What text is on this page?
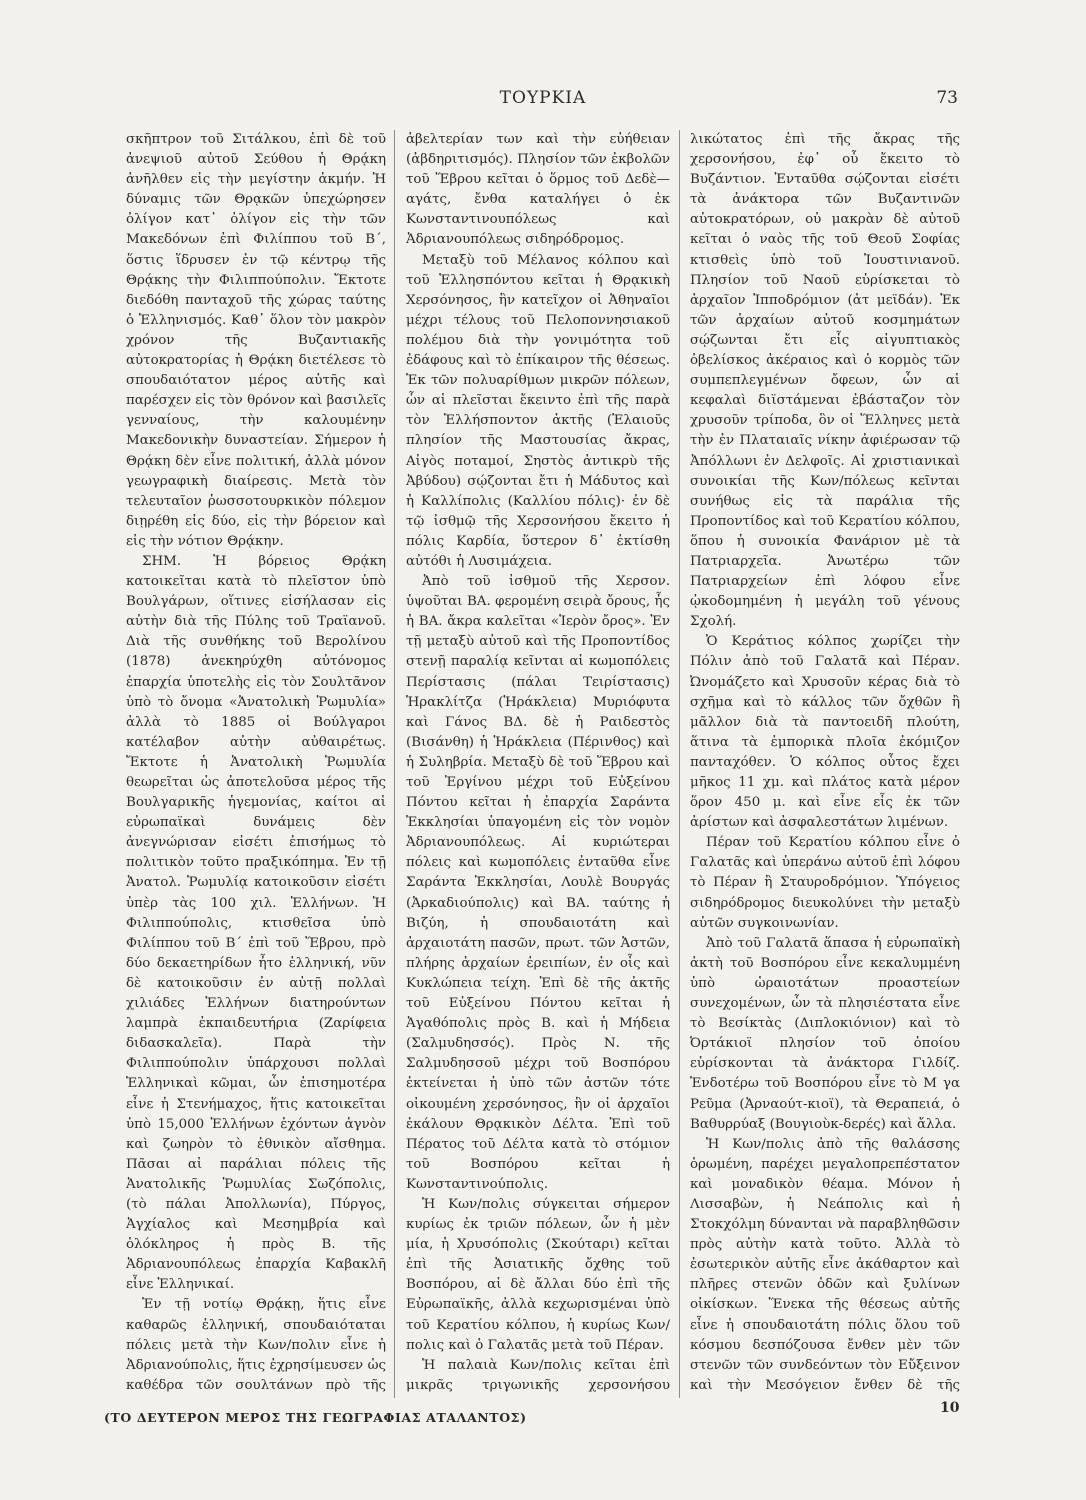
ΤΟΥΡΚΙΑ	73

σκῆπτρον τοῦ Σιτάλκου, ἐπὶ δὲ τοῦ ἀνεψιοῦ αὐτοῦ Σεύθου ἡ Θρᾴκη ἀνῆλθεν εἰς τὴν μεγίστην ἀκμήν. Ἡ δύναμις τῶν Θρᾳκῶν ὑπεχώρησεν ὀλίγον κατ᾽ ὀλίγον εἰς τὴν τῶν Μακεδόνων ἐπὶ Φιλίππου τοῦ Β΄, ὅστις ἵδρυσεν ἐν τῷ κέντρῳ τῆς Θρᾴκης τὴν Φιλιππούπολιν. Ἔκτοτε διεδόθη πανταχοῦ τῆς χώρας ταύτης ὁ Ἑλληνισμός. Καθ᾽ ὅλον τὸν μακρὸν χρόνον τῆς Βυζαντιακῆς αὐτοκρατορίας ἡ Θρᾴκη διετέλεσε τὸ σπουδαιότατον μέρος αὐτῆς καὶ παρέσχεν εἰς τὸν θρόνον καὶ βασιλεῖς γενναίους, τὴν καλουμένην Μακεδονικὴν δυναστείαν. Σήμερον ἡ Θρᾴκη δὲν εἶνε πολιτική, ἀλλὰ μόνον γεωγραφικὴ διαίρεσις. Μετὰ τὸν τελευταῖον ῥωσσοτουρκικὸν πόλεμον διῃρέθη εἰς δύο, εἰς τὴν βόρειον καὶ εἰς τὴν νότιον Θρᾴκην.

ΣΗΜ. Ἡ βόρειος Θρᾴκη κατοικεῖται κατὰ τὸ πλεῖστον ὑπὸ Βουλγάρων, οἵτινες εἰσήλασαν εἰς αὐτὴν διὰ τῆς Πύλης τοῦ Τραϊανοῦ. Διὰ τῆς συνθήκης τοῦ Βερολίνου (1878) ἀνεκηρύχθη αὐτόνομος ἐπαρχία ὑποτελὴς εἰς τὸν Σουλτᾶνον ὑπὸ τὸ ὄνομα «Ἀνατολικὴ Ῥωμυλία» ἀλλὰ τὸ 1885 οἱ Βούλγαροι κατέλαβον αὐτὴν αὐθαιρέτως. Ἔκτοτε ἡ Ἀνατολικὴ Ῥωμυλία θεωρεῖται ὡς ἀποτελοῦσα μέρος τῆς Βουλγαρικῆς ἡγεμονίας, καίτοι αἱ εὐρωπαϊκαὶ δυνάμεις δὲν ἀνεγνώρισαν εἰσέτι ἐπισήμως τὸ πολιτικὸν τοῦτο πραξικόπημα. Ἐν τῇ Ἀνατολ. Ῥωμυλίᾳ κατοικοῦσιν εἰσέτι ὑπὲρ τὰς 100 χιλ. Ἑλλήνων. Ἡ Φιλιππούπολις, κτισθεῖσα ὑπὸ Φιλίππου τοῦ Β΄ ἐπὶ τοῦ Ἕβρου, πρὸ δύο δεκαετηρίδων ἦτο ἑλληνική, νῦν δὲ κατοικοῦσιν ἐν αὐτῇ πολλαὶ χιλιάδες Ἑλλήνων διατηρούντων λαμπρὰ ἐκπαιδευτήρια (Ζαρίφεια διδασκαλεῖα). Παρὰ τὴν Φιλιππούπολιν ὑπάρχουσι πολλαὶ Ἑλληνικαὶ κῶμαι, ὧν ἐπισημοτέρα εἶνε ἡ Στενήμαχος, ἥτις κατοικεῖται ὑπὸ 15,000 Ἑλλήνων ἐχόντων ἁγνὸν καὶ ζωηρὸν τὸ ἐθνικὸν αἴσθημα. Πᾶσαι αἱ παράλιαι πόλεις τῆς Ἀνατολικῆς Ῥωμυλίας Σωζόπολις, (τὸ πάλαι Ἀπολλωνία), Πύργος, Ἀγχίαλος καὶ Μεσημβρία καὶ ὁλόκληρος ἡ πρὸς Β. τῆς Ἀδριανουπόλεως ἐπαρχία Καβακλῆ εἶνε Ἑλληνικαί.

Ἐν τῇ νοτίῳ Θρᾴκῃ, ἥτις εἶνε καθαρῶς ἑλληνική, σπουδαιόταται πόλεις μετὰ τὴν Κων/πολιν εἶνε ἡ Ἀδριανούπολις, ἥτις ἐχρησίμευσεν ὡς καθέδρα τῶν σουλτάνων πρὸ τῆς

ἀβελτερίαν των καὶ τὴν εὐήθειαν (ἀβδηριτισμός). Πλησίον τῶν ἐκβολῶν τοῦ Ἕβρου κεῖται ὁ ὅρμος τοῦ Δεδὲ—αγάτς, ἔνθα καταλήγει ὁ ἐκ Κωνσταντινουπόλεως καὶ Ἀδριανουπόλεως σιδηρόδρομος.

Μεταξὺ τοῦ Μέλανος κόλπου καὶ τοῦ Ἑλλησπόντου κεῖται ἡ Θρᾳκικὴ Χερσόνησος, ἣν κατεῖχον οἱ Ἀθηναῖοι μέχρι τέλους τοῦ Πελοποννησιακοῦ πολέμου διὰ τὴν γονιμότητα τοῦ ἐδάφους καὶ τὸ ἐπίκαιρον τῆς θέσεως. Ἐκ τῶν πολυαρίθμων μικρῶν πόλεων, ὧν αἱ πλεῖσται ἔκειντο ἐπὶ τῆς παρὰ τὸν Ἑλλήσποντον ἀκτῆς (Ἐλαιοῦς πλησίον τῆς Μαστουσίας ἄκρας, Αἰγὸς ποταμοί, Σηστὸς ἀντικρὺ τῆς Ἀβύδου) σῴζονται ἔτι ἡ Μάδυτος καὶ ἡ Καλλίπολις (Καλλίου πόλις)· ἐν δὲ τῷ ἰσθμῷ τῆς Χερσονήσου ἔκειτο ἡ πόλις Καρδία, ὕστερον δ᾽ ἐκτίσθη αὐτόθι ἡ Λυσιμάχεια.

Ἀπὸ τοῦ ἰσθμοῦ τῆς Χερσον. ὑψοῦται ΒΑ. φερομένη σειρὰ ὄρους, ἧς ἡ ΒΑ. ἄκρα καλεῖται «Ἱερὸν ὄρος». Ἐν τῇ μεταξὺ αὐτοῦ καὶ τῆς Προποντίδος στενῇ παραλίᾳ κεῖνται αἱ κωμοπόλεις Περίστασις (πάλαι Τειρίστασις) Ἡρακλίτζα (Ἡράκλεια) Μυριόφυτα καὶ Γάνος ΒΔ. δὲ ἡ Ραιδεστὸς (Βισάνθη) ἡ Ἡράκλεια (Πέρινθος) καὶ ἡ Συληβρία. Μεταξὺ δὲ τοῦ Ἕβρου καὶ τοῦ Ἐργίνου μέχρι τοῦ Εὐξείνου Πόντου κεῖται ἡ ἐπαρχία Σαράντα Ἐκκλησίαι ὑπαγομένη εἰς τὸν νομὸν Ἀδριανουπόλεως. Αἱ κυριώτεραι πόλεις καὶ κωμοπόλεις ἐνταῦθα εἶνε Σαράντα Ἐκκλησίαι, Λουλὲ Βουργάς (Ἀρκαδιούπολις) καὶ ΒΑ. ταύτης ἡ Βιζύη, ἡ σπουδαιοτάτη καὶ ἀρχαιοτάτη πασῶν, πρωτ. τῶν Ἀστῶν, πλήρης ἀρχαίων ἐρειπίων, ἐν οἷς καὶ Κυκλώπεια τείχη. Ἐπὶ δὲ τῆς ἀκτῆς τοῦ Εὐξείνου Πόντου κεῖται ἡ Ἀγαθόπολις πρὸς Β. καὶ ἡ Μήδεια (Σαλμυδησσός). Πρὸς Ν. τῆς Σαλμυδησσοῦ μέχρι τοῦ Βοσπόρου ἐκτείνεται ἡ ὑπὸ τῶν ἀστῶν τότε οἰκουμένη χερσόνησος, ἣν οἱ ἀρχαῖοι ἐκάλουν Θρᾳκικὸν Δέλτα. Ἐπὶ τοῦ Πέρατος τοῦ Δέλτα κατὰ τὸ στόμιον τοῦ Βοσπόρου κεῖται ἡ Κωνσταντινούπολις.

Ἡ Κων/πολις σύγκειται σήμερον κυρίως ἐκ τριῶν πόλεων, ὧν ἡ μὲν μία, ἡ Χρυσόπολις (Σκούταρι) κεῖται ἐπὶ τῆς Ἀσιατικῆς ὄχθης τοῦ Βοσπόρου, αἱ δὲ ἄλλαι δύο ἐπὶ τῆς Εὐρωπαϊκῆς, ἀλλὰ κεχωρισμέναι ὑπὸ τοῦ Κερατίου κόλπου, ἡ κυρίως Κων/πολις καὶ ὁ Γαλατᾶς μετὰ τοῦ Πέραν.

Ἡ παλαιὰ Κων/πολις κεῖται ἐπὶ μικρᾶς τριγωνικῆς χερσονήσου

λικώτατος ἐπὶ τῆς ἄκρας τῆς χερσονήσου, ἐφ᾽ οὗ ἔκειτο τὸ Βυζάντιον. Ἐνταῦθα σῴζονται εἰσέτι τὰ ἀνάκτορα τῶν Βυζαντινῶν αὐτοκρατόρων, οὐ μακρὰν δὲ αὐτοῦ κεῖται ὁ ναὸς τῆς τοῦ Θεοῦ Σοφίας κτισθεὶς ὑπὸ τοῦ Ἰουστινιανοῦ. Πλησίον τοῦ Ναοῦ εὑρίσκεται τὸ ἀρχαῖον Ἱπποδρόμιον (ἀτ μεϊδάν). Ἐκ τῶν ἀρχαίων αὐτοῦ κοσμημάτων σῴζωνται ἔτι εἷς αἰγυπτιακὸς ὀβελίσκος ἀκέραιος καὶ ὁ κορμὸς τῶν συμπεπλεγμένων ὄφεων, ὧν αἱ κεφαλαὶ διϊστάμεναι ἐβάσταζον τὸν χρυσοῦν τρίποδα, ὃν οἱ Ἕλληνες μετὰ τὴν ἐν Πλαταιαῖς νίκην ἀφιέρωσαν τῷ Ἀπόλλωνι ἐν Δελφοῖς. Αἱ χριστιανικαὶ συνοικίαι τῆς Κων/πόλεως κεῖνται συνήθως εἰς τὰ παράλια τῆς Προποντίδος καὶ τοῦ Κερατίου κόλπου, ὅπου ἡ συνοικία Φανάριον μὲ τὰ Πατριαρχεῖα. Ἀνωτέρω τῶν Πατριαρχείων ἐπὶ λόφου εἶνε ᾠκοδομημένη ἡ μεγάλη τοῦ γένους Σχολή.

Ὁ Κεράτιος κόλπος χωρίζει τὴν Πόλιν ἀπὸ τοῦ Γαλατᾶ καὶ Πέραν. Ὠνομάζετο καὶ Χρυσοῦν κέρας διὰ τὸ σχῆμα καὶ τὸ κάλλος τῶν ὄχθῶν ἢ μᾶλλον διὰ τὰ παντοειδῆ πλούτη, ἅτινα τὰ ἐμπορικὰ πλοῖα ἐκόμιζον πανταχόθεν. Ὁ κόλπος οὗτος ἔχει μῆκος 11 χμ. καὶ πλάτος κατὰ μέρον ὅρον 450 μ. καὶ εἶνε εἷς ἐκ τῶν ἀρίστων καὶ ἀσφαλεστάτων λιμένων.

Πέραν τοῦ Κερατίου κόλπου εἶνε ὁ Γαλατᾶς καὶ ὑπεράνω αὐτοῦ ἐπὶ λόφου τὸ Πέραν ἢ Σταυροδρόμιον. Ὑπόγειος σιδηρόδρομος διευκολύνει τὴν μεταξὺ αὐτῶν συγκοινωνίαν.

Ἀπὸ τοῦ Γαλατᾶ ἅπασα ἡ εὐρωπαϊκὴ ἀκτὴ τοῦ Βοσπόρου εἶνε κεκαλυμμένη ὑπὸ ὡραιοτάτων προαστείων συνεχομένων, ὧν τὰ πλησιέστατα εἶνε τὸ Βεσίκτὰς (Διπλοκιόνιον) καὶ τὸ Ὀρτάκιοϊ πλησίον τοῦ ὁποίου εὑρίσκονται τὰ ἀνάκτορα Γιλδίζ. Ἐνδοτέρω τοῦ Βοσπόρου εἶνε τὸ Μ γα Ρεῦμα (Ἀρναούτ-κιοϊ), τὰ Θεραπειά, ὁ Βαθυρρύαξ (Βουγιοὺκ-δερές) καὶ ἄλλα.

Ἡ Κων/πολις ἀπὸ τῆς θαλάσσης ὁρωμένη, παρέχει μεγαλοπρεπέστατον καὶ μοναδικὸν θέαμα. Μόνον ἡ Λισσαβὼν, ἡ Νεάπολις καὶ ἡ Στοκχόλμη δύνανται νὰ παραβληθῶσιν πρὸς αὐτὴν κατὰ τοῦτο. Ἀλλὰ τὸ ἐσωτερικὸν αὐτῆς εἶνε ἀκάθαρτον καὶ πλῆρες στενῶν ὁδῶν καὶ ξυλίνων οἰκίσκων. Ἕνεκα τῆς θέσεως αὐτῆς εἶνε ἡ σπουδαιοτάτη πόλις ὅλου τοῦ κόσμου δεσπόζουσα ἔνθεν μὲν τῶν στενῶν τῶν συνδεόντων τὸν Εὔξεινον καὶ τὴν Μεσόγειον ἔνθεν δὲ τῆς

(ΤΟ ΔΕΥΤΕΡΟΝ ΜΕΡΟΣ ΤΗΣ ΓΕΩΓΡΑΦΙΑΣ ΑΤΑΛΑΝΤΟΣ)
10
